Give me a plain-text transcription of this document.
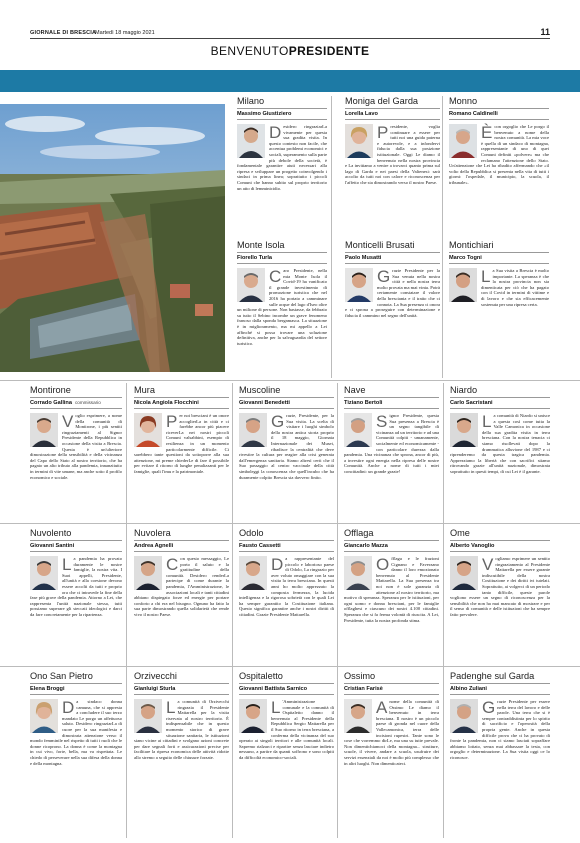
GIORNALE DI BRESCIA
Martedì 18 maggio 2021	11
BENVENUTOPRESIDENTE
Milano
Massimo Giustiziero

Desidero ringraziarLa vivamente per questa sua gradita visita. In questo contesto non facile, che accentua problemi economici e sociali, superamento sulla parte più debole della società, è fondamentale garantire aiuti necessari alla ripresa e sviluppare un progetto coinvolgendo i sindaci in prima linea; soprattutto i piccoli Comuni che hanno subito sul proprio territorio un atto di lemminicidio.

Moniga del Garda
Lorella Lavo

Presidente, voglia continuare a essere per tutti noi una guida paterna e autorevole, e a infondervi fiducia dalla sua posizione istituzionale. Oggi Le diamo il benvenuto nella nostra provincia e La invitiamo a venire a trovarci quanto prima sul lago di Garda e nei paesi della Valtenesi: sarà accolto da tutti noi con calore e riconoscenza per l'affetto che sta dimostrando verso il nostro Paese.

Monno
Romano Caldinelli

È con orgoglio che Le porgo il benvenuto a nome della nostra comunità. La mia voce è quella di un sindaco di montagna, rappresentante di uno di quei Comuni definiti «polvere» ma che reclamano l'attenzione dello Stato. Un'attenzione che Lei ha ribadito affermando che «il volto della Repubblica si presenta nella vita di tutti i giorni: l'ospedale, il municipio, la scuola, il tribunale».

Monte Isola
Fiorello Turla

Caro Presidente, nella mia Monte Isola il Covid-19 ha vanificato il grande investimento di promozione turistica che nel 2016 ha portato a camminare sulle acque del lago d'Iseo oltre un milione di persone. Non bastasse, da febbraio su tutto il Sebino incombe un grave fenomeno franoso dalla sponda bergamasca. La situazione è in miglioramento, ma mi appello a Lei affinché si possa trovare una soluzione definitiva, anche per la salvaguardia del settore turistico.

Monticelli Brusati
Paolo Musatti

Grazie Presidente per la Sua venuta nella nostra città e nella nostra terra molto provata ma mai vinta. Potrà certamente constatare il valore della bresciania e il tratto che ci connota. La Sua presenza ci onora e ci sprona a proseguire con determinazione e fiducia il cammino nel segno dell'unità.

Montichiari
Marco Togni

La Sua visita a Brescia è molto importante. La speranza è che la nostra provincia non sia dimenticata per ciò che ha pagato con il Covid in termini di vittime e di lavoro e che sia efficacemente sostenuta per una ripresa certa.

Montirone
Corrado Gallina commissario

Voglio esprimere, a nome della comunità di Montirone, i più sentiti ringraziamenti al Signor Presidente della Repubblica in occasione della visita a Brescia. Questa è un'ulteriore dimostrazione della sensibilità e della vicinanza del Capo dello Stato al nostro territorio, che ha pagato un alto tributo alla pandemia, innanzitutto in termini di vite umane, ma anche sotto il profilo economico e sociale.

Mura
Nicola Angiola Flocchini

Per noi bresciani è un onore accoglierLa in città e ci farebbe ancor più piacere riceverLa nei nostri piccoli Comuni valsabbini, esempio di resilienza in un momento particolarmente difficile. Ci sarebbero tante questioni da sottoporre alla sua attenzione, mi preme chiederLe di fare il possibile per evitare il ritorno di lunghe penalizzanti per le famiglie, quali l'imu e la patrimoniale.

Muscoline
Giovanni Benedetti

Grazie, Presidente, per la Sua visita. La scelta di visitare i luoghi simbolo della nostra antica storia proprio il 18 maggio, Giornata Internazionale dei Musei, ribadisce la centralità che deve rivestire la cultura per reagire alla crisi generata dall'emergenza sanitaria. Siamo altresì certi che il Suo passaggio al centro vaccinale della città simboleggi la conoscenza che quell'incubo che ha duramente colpito Brescia sia davvero finito.

Nave
Tiziano Bertoli

Signor Presidente, questa Sua presenza a Brescia è un segno tangibile di vicinanza ad un territorio e ad una Comunità colpiti - umanamente, socialmente ed economicamente - con particolare durezza dalla pandemia. Una vicinanza che sprona, ancor di più, a investire ogni energia nella ripresa delle nostre Comunità. Anche a nome di tutti i miei concittadini: un grande grazie!

Niardo
Carlo Sacristani

La comunità di Niardo si unisce a questa così come tutta la Valle Camonica in occasione della sua gradita visita in terra bresciana. Con la nostra tenacia ci siamo risollevati dopo la drammatica alluvione del 1987 e ci riprenderemo da questa tragica pandemia. Apprezziamo la libertà che con sacrifici stiamo ritrovando grazie all'unità nazionale, dimostrata soprattutto in questi tempi, di cui Lei è il garante.

Nuvolento
Giovanni Santini

La pandemia ha provato duramente le nostre famiglie, la nostra vita. I Suoi appelli, Presidente, all'unità e alla coesione devono essere accolti da tutti e proprio ora che ci intravede la fine della fase più grave della pandemia. Attorno a Lei, che rappresenta l'unità nazionale stessa, tutti possiamo superare gli steccati ideologici e darci da fare concretamente per la ripartenza.

Nuvolera
Andrea Agnelli

Con questo messaggio, Le porto il saluto e la gratitudine della comunità. Desidero renderLa partecipe di come durante la pandemia, l'Amministrazione, le associazioni locali e tanti cittadini abbiano dispiegato forze ed energie per portare conforto a chi era nel bisogno. Ognuno ha fatto la sua parte dimostrando quella solidarietà che rende vivo il nostro Paese.

Odolo
Fausto Cassetti

Da rappresentante del piccolo e laborioso paese di Odolo, La ringrazio per aver voluto omaggiare con la sua visita la terra bresciana. In questi anni ho molto apprezzato la composta fermezza, la lucida intelligenza e la rigorosa sobrietà con le quali Lei ha sempre garantito la Costituzione italiana. Questo significa garantire anche i nostri diritti di cittadini. Grazie Presidente Mattarella.

Offlaga
Giancarlo Mazza

Offlaga e le frazioni Cignano e Faverzano danno il loro emozionato benvenuto al Presidente Mattarella. La Sua presenza tra noi non è sole garanzia di attenzione al nostro territorio, ma motivo di speranza. Speranza per le istituzioni, per ogni uomo e donna bresciani, per le famiglie offlaghesi e ciascuno dei nostri 4.100 cittadini. Speranza che si fa ferma volontà di riuscita. A Lei, Presidente, tutta la nostra profonda stima.

Ome
Alberto Vanoglio

Vogliamo esprimere un sentito ringraziamento al Presidente Mattarella per essere garante indiscutibile della nostra Costituzione e dei diritti ivi tutelati. Soprattutto, ai volgerci di un periodo tanto difficile, queste parole vogliono essere un segno di riconoscenza per la sensibilità che non ha mai mancato di mostrare e per il senso di comunità e delle istituzioni che ha sempre fatto prevalere.

Ono San Pietro
Elena Broggi

Da sindaco donna camuna, che si appresta a concludere il suo terzo mandato Le porgo un affettuoso saluto. Desidero ringraziarLa di cuore per la sua manifesta e dimostrata attenzione verso il mondo femminile nel rispetto di tutti i ruoli che le donne ricoprono. La donna è come la montagna in cui vivo, forte, bella, ma va rispettata. Le chiedo di perseverare nella sua difesa della donna e della montagna.

Orzivecchi
Gianluigi Sturla

La comunità di Orzivecchi ringrazia il Presidente Mattarella per la visita riservata al nostro territorio. È indispensabile che in questo momento storico di grave situazione sanitaria, le istituzioni siano vicine ai cittadini e svolgano azioni concrete per dare segnali forti e assicurazioni precise per facilitare la ripresa economica delle attività ridotte allo stremo a seguito delle chiusure forzate.

Ospitaletto
Giovanni Battista Sarnico

L 'Amministrazione comunale e la comunità di Ospitaletto danno il benvenuto al Presidente della Repubblica Sergio Mattarella per il Suo ritorno in terra bresciana, a conferma della vicinanza del suo operato ai singoli territori e alle comunità locali. Sapremo rialzarci e ripartire senza lasciare indietro nessuno, a partire da quanti soffrono e sono colpiti da difficoltà economico-sociali.

Ossimo
Cristian Farisè

A nome della comunità di Ossimo Le diamo il benvenuto in terra bresciana. Il nostro è un piccolo paese di gronda nel cuore della Vallecamonica, terra delle incisioni rupestri. Tante sono le cose che vorremmo dirLe, ma una su tutte prevale. Non dimentichiamoci della montagna... strutture, scuole, il vivere, andare a scuola, usufruire dei servizi essenziali da noi è molto più complesso che in altri luoghi. Non dimenticateci.

Padenghe sul Garda
Albino Zuliani

Grazie Presidente per essere nella terra del lavoro e delle parole. Una terra che si è sempre contraddistinta per lo spirito di sacrificio e l'operosità della propria gente. Anche in questa difficile prova che ci ha provato di fronte la pandemia, non ci siamo lasciati sopraffare abbiamo lottato, senza mai abbassare la testa, con orgoglio e determinazione. La Sua visita oggi ce lo riconosce.
